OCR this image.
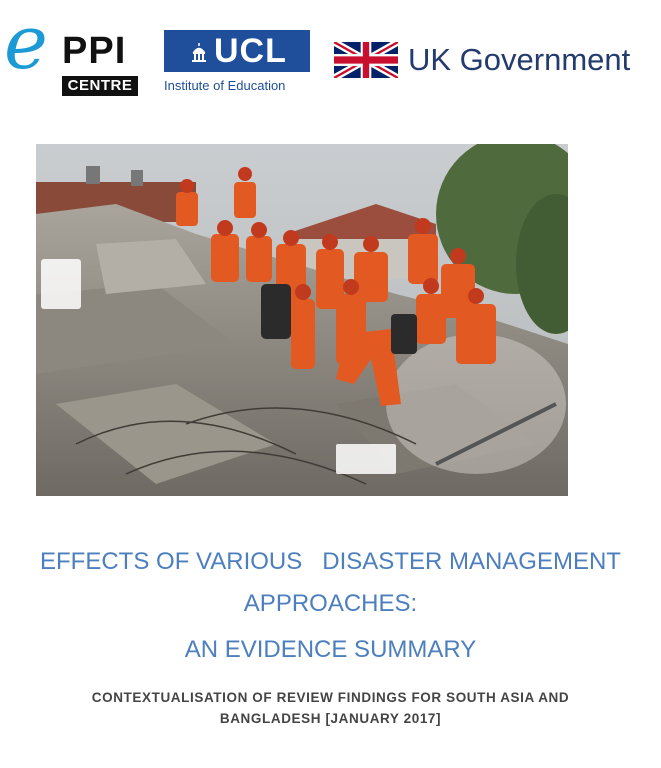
e PPI
CENTRE
UCL
Institute of Education
UK Government
EFFECTS OF VARIOUS   DISASTER MANAGEMENT
APPROACHES:
AN EVIDENCE SUMMARY
CONTEXTUALISATION OF REVIEW FINDINGS FOR SOUTH ASIA AND
BANGLADESH [JANUARY 2017]
